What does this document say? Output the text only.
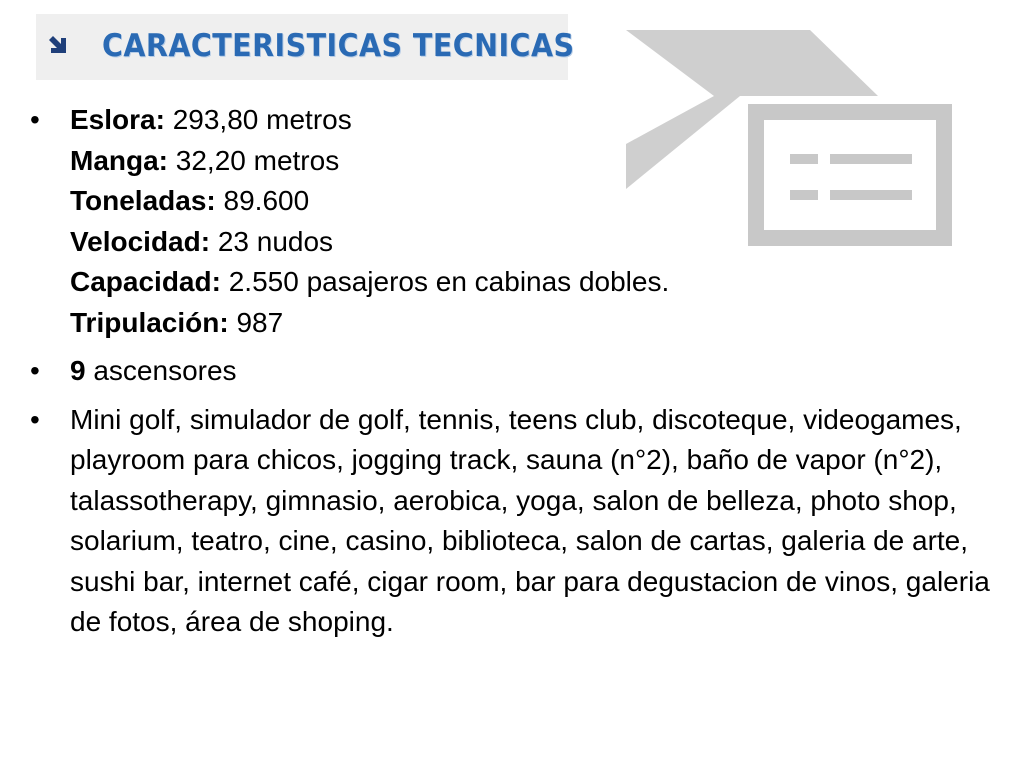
CARACTERISTICAS TECNICAS
•	Eslora: 293,80 metros
Manga: 32,20 metros
Toneladas: 89.600
Velocidad: 23 nudos
Capacidad: 2.550 pasajeros en cabinas dobles.
Tripulación: 987
•	9 ascensores
•	Mini golf, simulador de golf, tennis, teens club, discoteque, videogames, playroom para chicos, jogging track, sauna (n°2), baño de vapor (n°2), talassotherapy, gimnasio, aerobica, yoga, salon de belleza, photo shop, solarium, teatro, cine, casino, biblioteca, salon de cartas, galeria de arte, sushi bar, internet café, cigar room, bar para degustacion de vinos, galeria de fotos, área de shoping.
